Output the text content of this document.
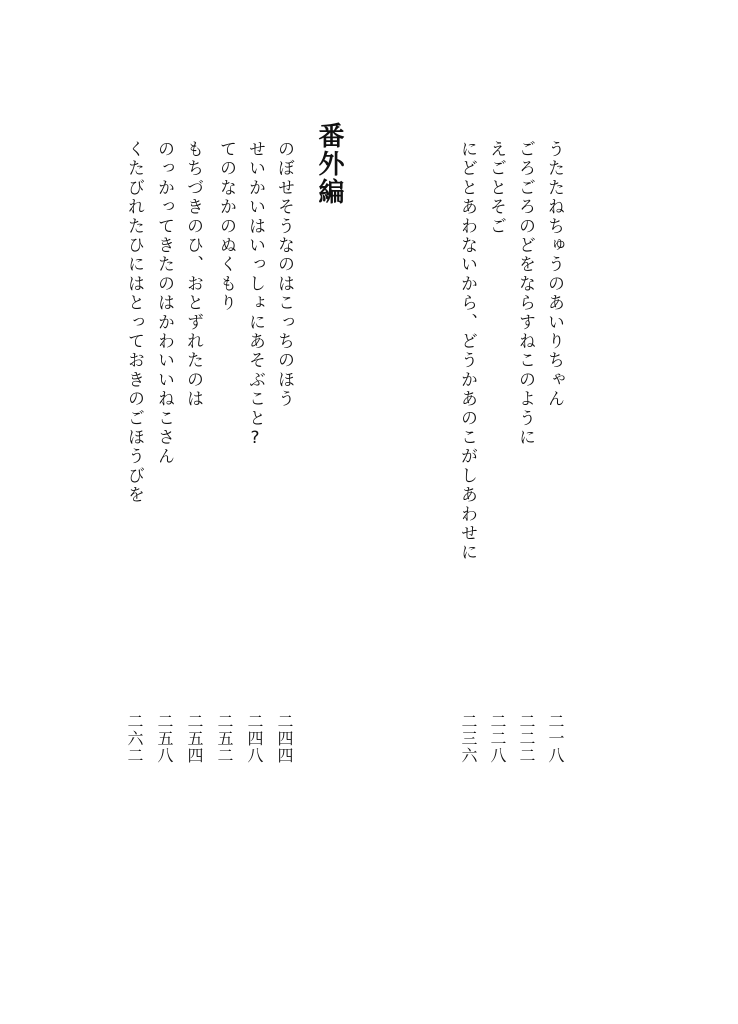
うたたねちゅうのあいりちゃん
ごろごろのどをならすねこのように
えごとそご
にどとあわないから、どうかあのこがしあわせに
二一八
二二二
二二八
二三六
番外編
のぼせそうなのはこっちのほう
せいかいはいっしょにあそぶこと?
てのなかのぬくもり
もちづきのひ、おとずれたのは
のっかってきたのはかわいいねこさん
くたびれたひにはとっておきのごほうびを
二四四
二四八
二五二
二五四
二五八
二六二
